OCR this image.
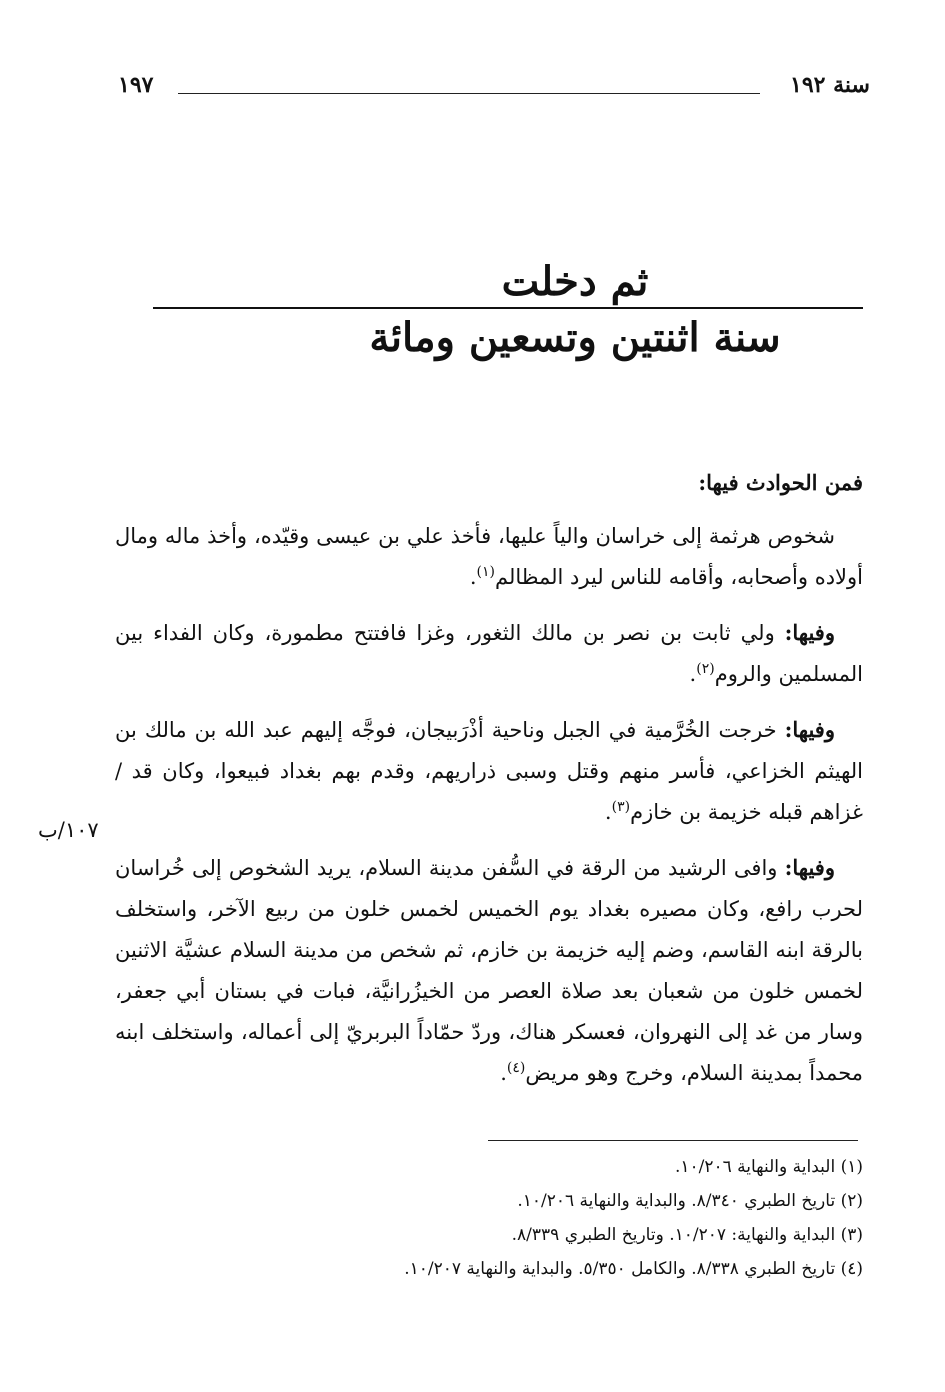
سنة ١٩٢
١٩٧
ثم دخلت
سنة اثنتين وتسعين ومائة

فمن الحوادث فيها:

شخوص هرثمة إلى خراسان والياً عليها، فأخذ علي بن عيسى وقيّده، وأخذ ماله ومال أولاده وأصحابه، وأقامه للناس ليرد المظالم$^{(١)}$.

وفيها: ولي ثابت بن نصر بن مالك الثغور، وغزا فافتتح مطمورة، وكان الفداء بين المسلمين والروم$^{(٢)}$.

وفيها: خرجت الخُرَّمية في الجبل وناحية أذْرَبيجان، فوجَّه إليهم عبد الله بن مالك بن الهيثم الخزاعي، فأسر منهم وقتل وسبى ذراريهم، وقدم بهم بغداد فبيعوا، وكان قد / غزاهم قبله خزيمة بن خازم$^{(٣)}$.

وفيها: وافى الرشيد من الرقة في السُّفن مدينة السلام، يريد الشخوص إلى خُراسان لحرب رافع، وكان مصيره بغداد يوم الخميس لخمس خلون من ربيع الآخر، واستخلف بالرقة ابنه القاسم، وضم إليه خزيمة بن خازم، ثم شخص من مدينة السلام عشيَّة الاثنين لخمس خلون من شعبان بعد صلاة العصر من الخيزُرانيَّة، فبات في بستان أبي جعفر، وسار من غد إلى النهروان، فعسكر هناك، وردّ حمّاداً البربريّ إلى أعماله، واستخلف ابنه محمداً بمدينة السلام، وخرج وهو مريض$^{(٤)}$.

١٠٧/ب

(١) البداية والنهاية ١٠/٢٠٦.

(٢) تاريخ الطبري ٨/٣٤٠. والبداية والنهاية ١٠/٢٠٦.

(٣) البداية والنهاية: ١٠/٢٠٧. وتاريخ الطبري ٨/٣٣٩.

(٤) تاريخ الطبري ٨/٣٣٨. والكامل ٥/٣٥٠. والبداية والنهاية ١٠/٢٠٧.
